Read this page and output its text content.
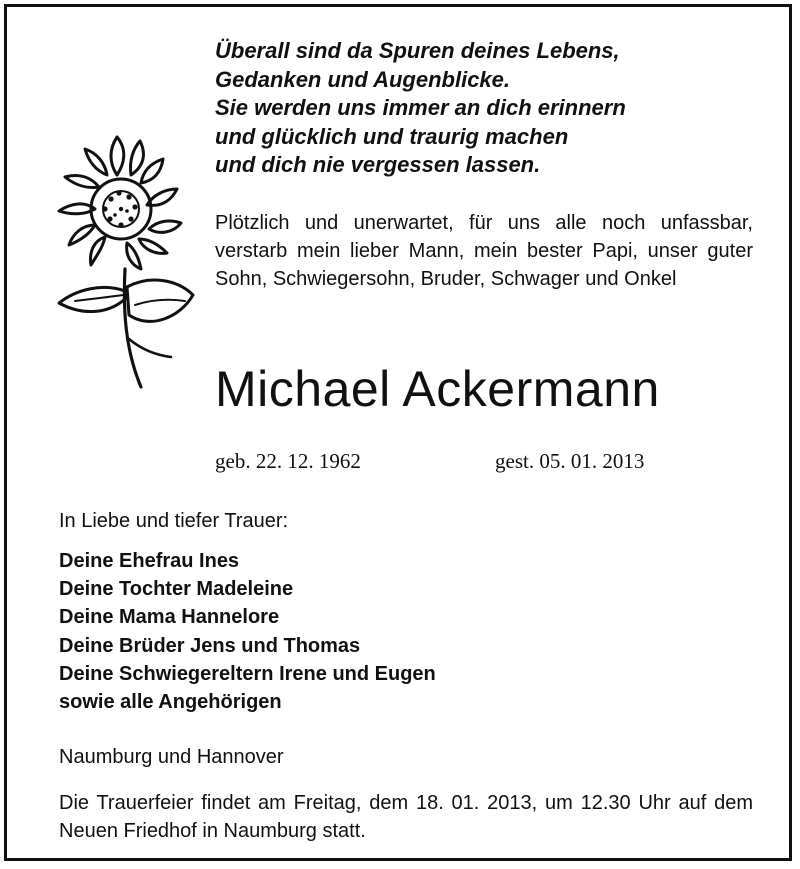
Überall sind da Spuren deines Lebens,
Gedanken und Augenblicke.
Sie werden uns immer an dich erinnern
und glücklich und traurig machen
und dich nie vergessen lassen.

Plötzlich und unerwartet, für uns alle noch unfassbar, verstarb mein lieber Mann, mein bester Papi, unser guter Sohn, Schwiegersohn, Bruder, Schwager und Onkel

Michael Ackermann
geb. 22. 12. 1962	gest. 05. 01. 2013
In Liebe und tiefer Trauer:
Deine Ehefrau Ines
Deine Tochter Madeleine
Deine Mama Hannelore
Deine Brüder Jens und Thomas
Deine Schwiegereltern Irene und Eugen
sowie alle Angehörigen
Naumburg und Hannover

Die Trauerfeier findet am Freitag, dem 18. 01. 2013, um 12.30 Uhr auf dem Neuen Friedhof in Naumburg statt.
